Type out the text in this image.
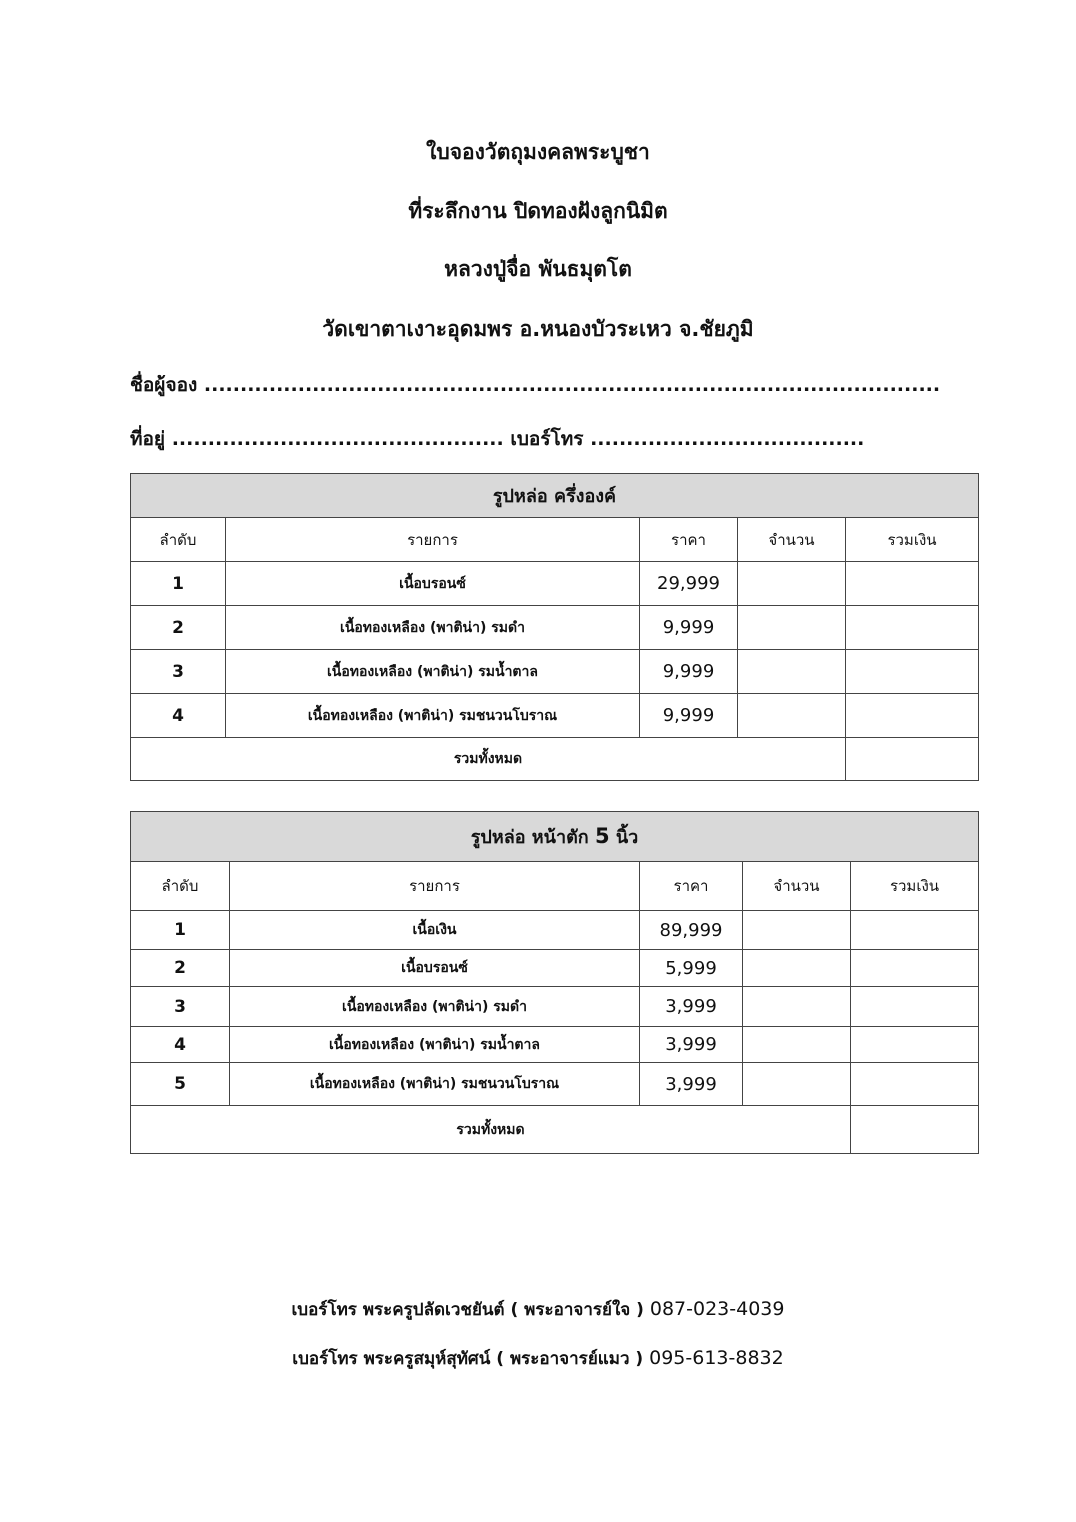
ใบจองวัตถุมงคลพระบูชา
ที่ระลึกงาน ปิดทองฝังลูกนิมิต
หลวงปู่จื่อ พันธมุตโต
วัดเขาตาเงาะอุดมพร อ.หนองบัวระเหว จ.ชัยภูมิ
ชื่อผู้จอง ......................................................................................................
ที่อยู่ .............................................. เบอร์โทร ......................................
รูปหล่อ ครึ่งองค์				
ลำดับ	รายการ	ราคา	จำนวน	รวมเงิน
1	เนื้อบรอนซ์	29,999		
2	เนื้อทองเหลือง (พาติน่า) รมดำ	9,999		
3	เนื้อทองเหลือง (พาติน่า) รมน้ำตาล	9,999		
4	เนื้อทองเหลือง (พาติน่า) รมชนวนโบราณ	9,999		
รวมทั้งหมด				
รูปหล่อ หน้าตัก 5 นิ้ว				
ลำดับ	รายการ	ราคา	จำนวน	รวมเงิน
1	เนื้อเงิน	89,999		
2	เนื้อบรอนซ์	5,999		
3	เนื้อทองเหลือง (พาติน่า) รมดำ	3,999		
4	เนื้อทองเหลือง (พาติน่า) รมน้ำตาล	3,999		
5	เนื้อทองเหลือง (พาติน่า) รมชนวนโบราณ	3,999		
รวมทั้งหมด				
เบอร์โทร พระครูปลัดเวชยันต์ ( พระอาจารย์ใจ ) 087-023-4039
เบอร์โทร พระครูสมุห์สุทัศน์ ( พระอาจารย์แมว ) 095-613-8832
